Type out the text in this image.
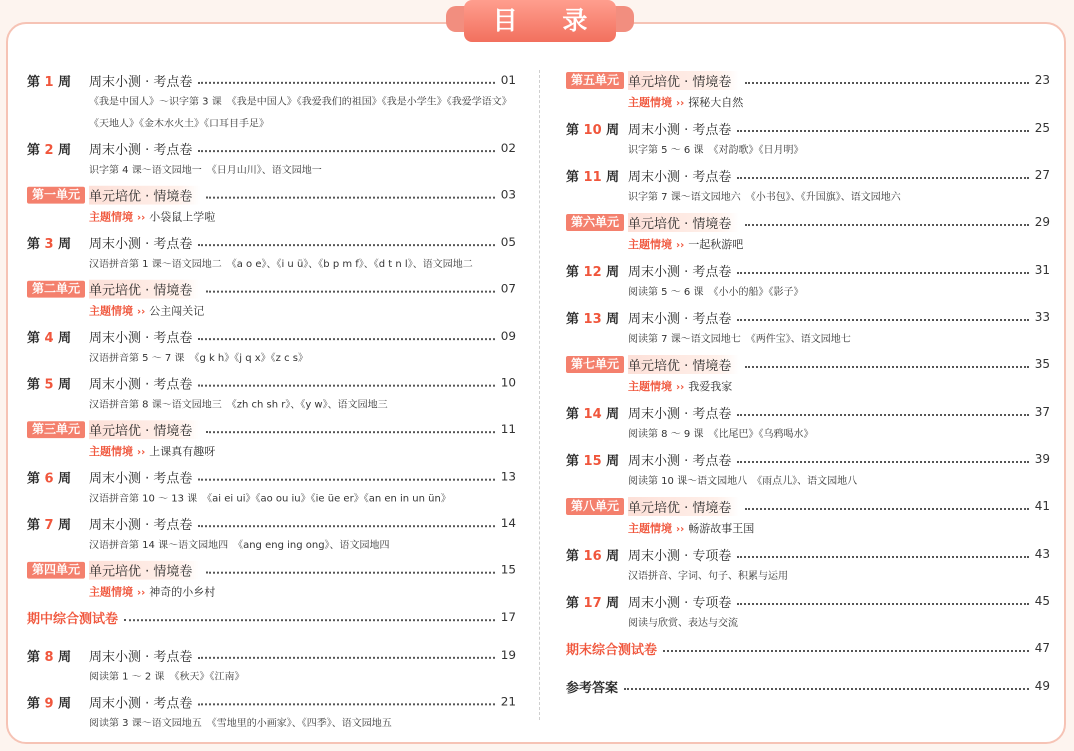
目 录
第 1 周	周末小测 · 考点卷	01
《我是中国人》～识字第 3 课　《我是中国人》《我爱我们的祖国》《我是小学生》《我爱学语文》《天地人》《金木水火土》《口耳目手足》
第 2 周	周末小测 · 考点卷	02
识字第 4 课～语文园地一　《日月山川》、语文园地一
第一单元 单元培优 · 情境卷	03
主题情境 ›› 小袋鼠上学啦
第 3 周	周末小测 · 考点卷	05
汉语拼音第 1 课～语文园地二　《a o e》、《i u ü》、《b p m f》、《d t n l》、语文园地二
第二单元 单元培优 · 情境卷	07
主题情境 ›› 公主闯关记
第 4 周	周末小测 · 考点卷	09
汉语拼音第 5 ～ 7 课　《g k h》《j q x》《z c s》
第 5 周	周末小测 · 考点卷	10
汉语拼音第 8 课～语文园地三　《zh ch sh r》、《y w》、语文园地三
第三单元 单元培优 · 情境卷	11
主题情境 ›› 上课真有趣呀
第 6 周	周末小测 · 考点卷	13
汉语拼音第 10 ～ 13 课　《ai ei ui》《ao ou iu》《ie üe er》《an en in un ün》
第 7 周	周末小测 · 考点卷	14
汉语拼音第 14 课～语文园地四　《ang eng ing ong》、语文园地四
第四单元 单元培优 · 情境卷	15
主题情境 ›› 神奇的小乡村
期中综合测试卷	17
第 8 周	周末小测 · 考点卷	19
阅读第 1 ～ 2 课　《秋天》《江南》
第 9 周	周末小测 · 考点卷	21
阅读第 3 课～语文园地五　《雪地里的小画家》、《四季》、语文园地五
第五单元 单元培优 · 情境卷	23
主题情境 ›› 探秘大自然
第 10 周 周末小测 · 考点卷	25
识字第 5 ～ 6 课　《对韵歌》《日月明》
第 11 周 周末小测 · 考点卷	27
识字第 7 课～语文园地六　《小书包》、《升国旗》、语文园地六
第六单元 单元培优 · 情境卷	29
主题情境 ›› 一起秋游吧
第 12 周 周末小测 · 考点卷	31
阅读第 5 ～ 6 课　《小小的船》《影子》
第 13 周 周末小测 · 考点卷	33
阅读第 7 课～语文园地七　《两件宝》、语文园地七
第七单元 单元培优 · 情境卷	35
主题情境 ›› 我爱我家
第 14 周 周末小测 · 考点卷	37
阅读第 8 ～ 9 课　《比尾巴》《乌鸦喝水》
第 15 周 周末小测 · 考点卷	39
阅读第 10 课～语文园地八　《雨点儿》、语文园地八
第八单元 单元培优 · 情境卷	41
主题情境 ›› 畅游故事王国
第 16 周 周末小测 · 专项卷	43
汉语拼音、字词、句子、积累与运用
第 17 周 周末小测 · 专项卷	45
阅读与欣赏、表达与交流
期末综合测试卷	47
参考答案	49
